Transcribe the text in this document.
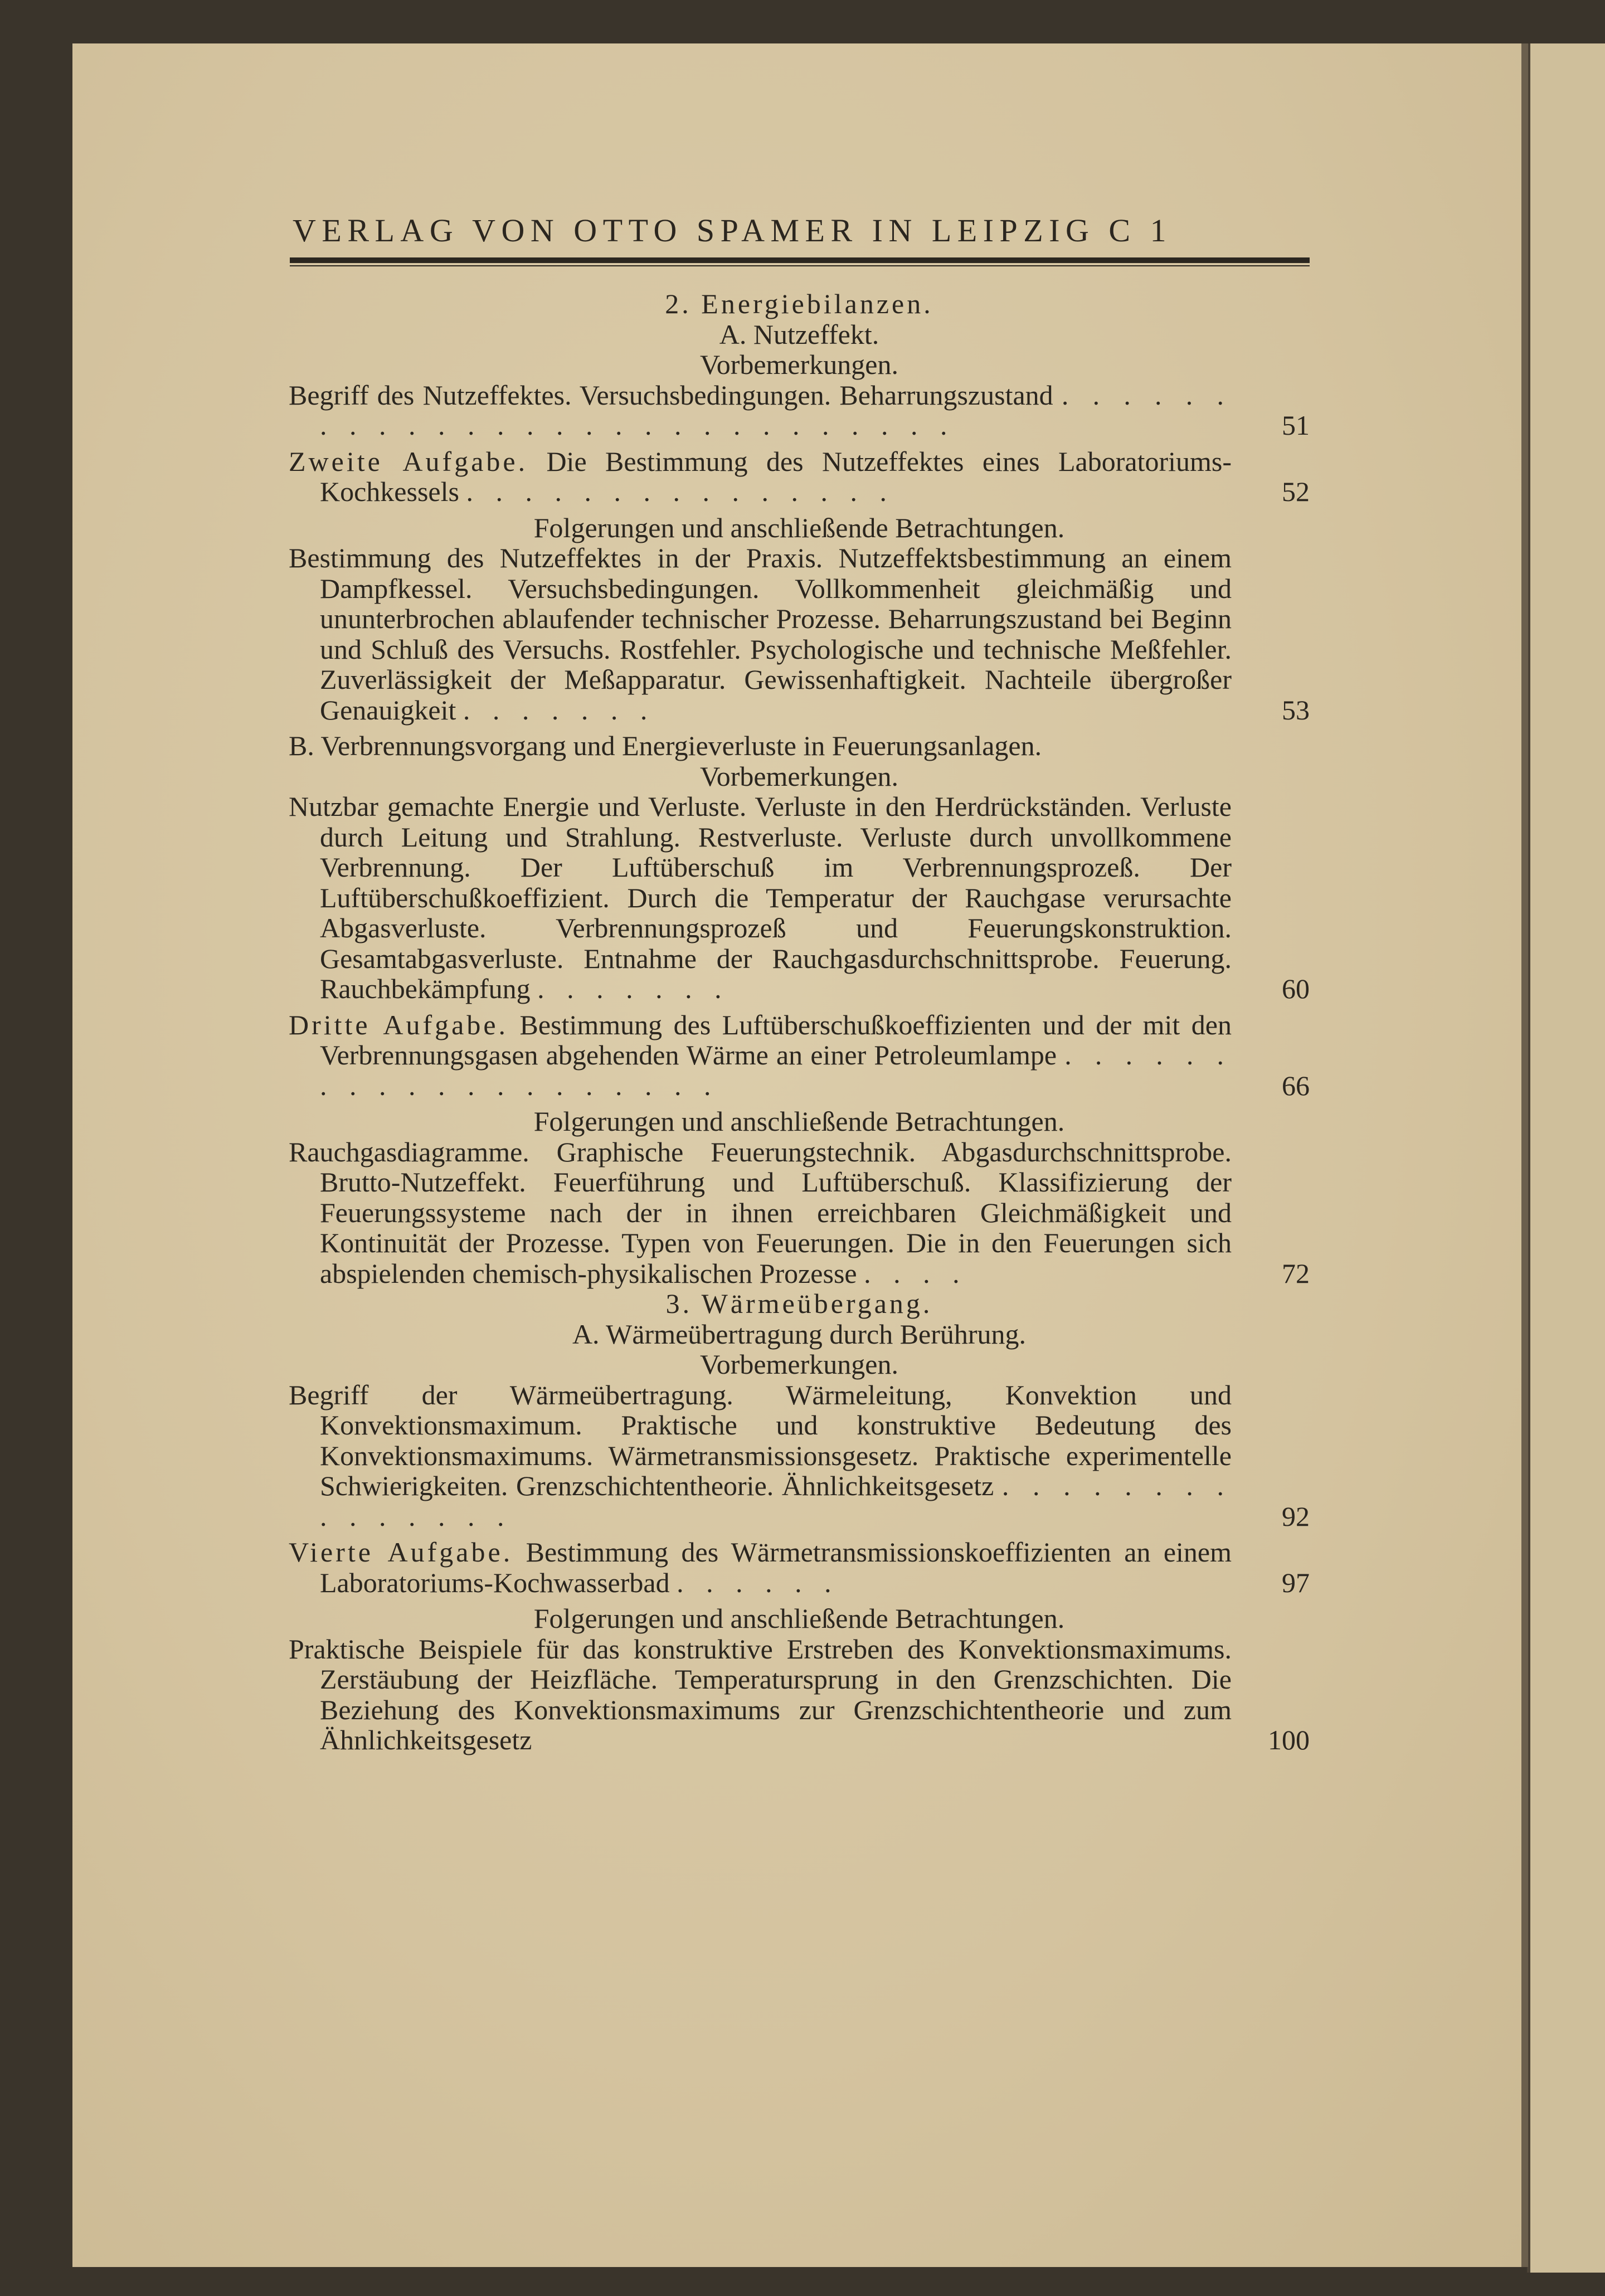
VERLAG VON OTTO SPAMER IN LEIPZIG C 1
2. Energiebilanzen.
A. Nutzeffekt.
Vorbemerkungen.
Begriff des Nutzeffektes. Versuchsbedingungen. Beharrungszustand . . . . . . . . . . . . . . . . . . . . . . . . . . . .	51
Zweite Aufgabe. Die Bestimmung des Nutzeffektes eines Laboratoriums-Kochkessels . . . . . . . . . . . . . . .	52
Folgerungen und anschließende Betrachtungen.
Bestimmung des Nutzeffektes in der Praxis. Nutzeffektsbestimmung an einem Dampfkessel. Versuchsbedingungen. Vollkommenheit gleichmäßig und ununterbrochen ablaufender technischer Prozesse. Beharrungszustand bei Beginn und Schluß des Versuchs. Rostfehler. Psychologische und technische Meßfehler. Zuverlässigkeit der Meßapparatur. Gewissenhaftigkeit. Nachteile übergroßer Genauigkeit . . . . . . .	53
B. Verbrennungsvorgang und Energieverluste in Feuerungsanlagen.
Vorbemerkungen.
Nutzbar gemachte Energie und Verluste. Verluste in den Herdrückständen. Verluste durch Leitung und Strahlung. Restverluste. Verluste durch unvollkommene Verbrennung. Der Luftüberschuß im Verbrennungsprozeß. Der Luftüberschußkoeffizient. Durch die Temperatur der Rauchgase verursachte Abgasverluste. Verbrennungsprozeß und Feuerungskonstruktion. Gesamtabgasverluste. Entnahme der Rauchgasdurchschnittsprobe. Feuerung. Rauchbekämpfung . . . . . . .	60
Dritte Aufgabe. Bestimmung des Luftüberschußkoeffizienten und der mit den Verbrennungsgasen abgehenden Wärme an einer Petroleumlampe . . . . . . . . . . . . . . . . . . . .	66
Folgerungen und anschließende Betrachtungen.
Rauchgasdiagramme. Graphische Feuerungstechnik. Abgasdurchschnittsprobe. Brutto-Nutzeffekt. Feuerführung und Luftüberschuß. Klassifizierung der Feuerungssysteme nach der in ihnen erreichbaren Gleichmäßigkeit und Kontinuität der Prozesse. Typen von Feuerungen. Die in den Feuerungen sich abspielenden chemisch-physikalischen Prozesse . . . .	72
3. Wärmeübergang.
A. Wärmeübertragung durch Berührung.
Vorbemerkungen.
Begriff der Wärmeübertragung. Wärmeleitung, Konvektion und Konvektionsmaximum. Praktische und konstruktive Bedeutung des Konvektionsmaximums. Wärmetransmissionsgesetz. Praktische experimentelle Schwierigkeiten. Grenzschichtentheorie. Ähnlichkeitsgesetz . . . . . . . . . . . . . . .	92
Vierte Aufgabe. Bestimmung des Wärmetransmissionskoeffizienten an einem Laboratoriums-Kochwasserbad . . . . . .	97
Folgerungen und anschließende Betrachtungen.
Praktische Beispiele für das konstruktive Erstreben des Konvektionsmaximums. Zerstäubung der Heizfläche. Temperatursprung in den Grenzschichten. Die Beziehung des Konvektionsmaximums zur Grenzschichtentheorie und zum Ähnlichkeitsgesetz	100
